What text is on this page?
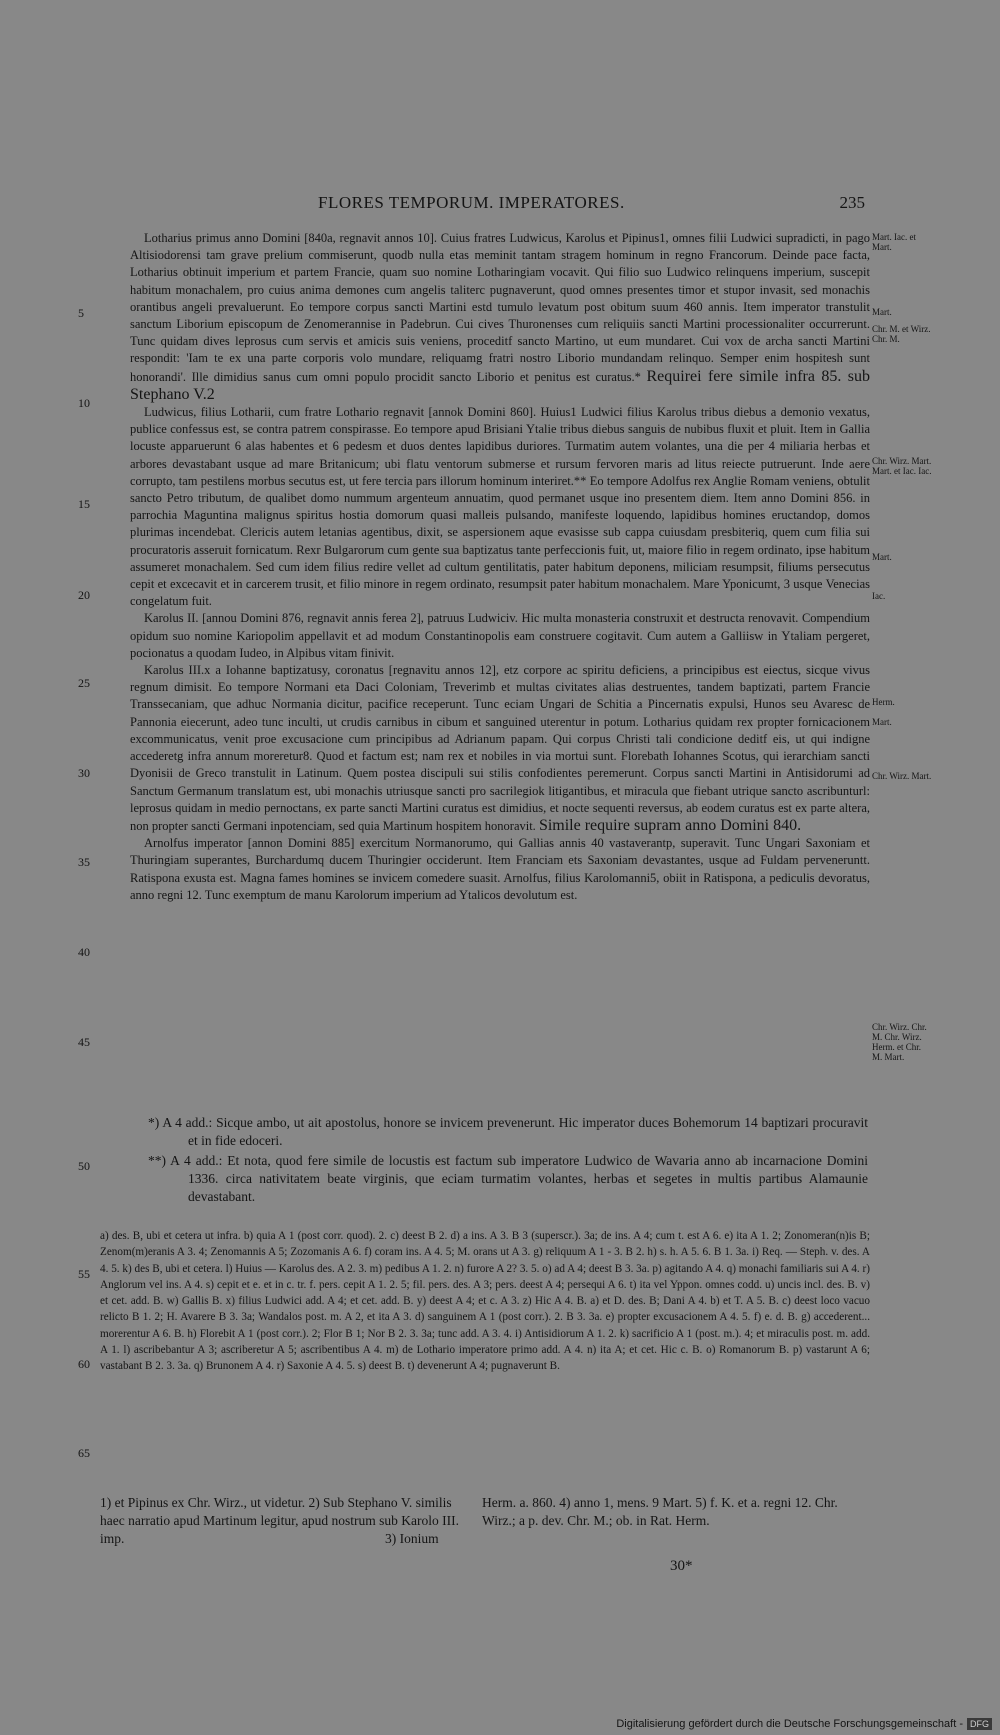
FLORES TEMPORUM. IMPERATORES.	235

Lotharius primus anno Domini [840a, regnavit annos 10]. Cuius fratres Ludwicus, Karolus et Pipinus1, omnes filii Ludwici supradicti, in pago Altisiodorensi tam grave prelium commiserunt, quodb nulla etas meminit tantam stragem hominum in regno Francorum. Deinde pace facta, Lotharius obtinuit imperium et partem Francie, quam suo nomine Lotharingiam vocavit. Qui filio suo Ludwico relinquens imperium, suscepit habitum monachalem, pro cuius anima demones cum angelis taliterc pugnaverunt, quod omnes presentes timor et stupor invasit, sed monachis orantibus angeli prevaluerunt. Eo tempore corpus sancti Martini estd tumulo levatum post obitum suum 460 annis. Item imperator transtulit sanctum Liborium episcopum de Zenomerannise in Padebrun. Cui cives Thuronenses cum reliquiis sancti Martini processionaliter occurrerunt. Tunc quidam dives leprosus cum servis et amicis suis veniens, proceditf sancto Martino, ut eum mundaret. Cui vox de archa sancti Martini respondit: 'Iam te ex una parte corporis volo mundare, reliquamg fratri nostro Liborio mundandam relinquo. Semper enim hospitesh sunt honorandi'. Ille dimidius sanus cum omni populo procidit sancto Liborio et penitus est curatus.* Requirei fere simile infra 85. sub Stephano V.2

Ludwicus, filius Lotharii, cum fratre Lothario regnavit [annok Domini 860]. Huius1 Ludwici filius Karolus tribus diebus a demonio vexatus, publice confessus est, se contra patrem conspirasse. Eo tempore apud Brisiani Ytalie tribus diebus sanguis de nubibus fluxit et pluit. Item in Gallia locuste apparuerunt 6 alas habentes et 6 pedesm et duos dentes lapidibus duriores. Turmatim autem volantes, una die per 4 miliaria herbas et arbores devastabant usque ad mare Britanicum; ubi flatu ventorum submerse et rursum fervoren maris ad litus reiecte putruerunt. Inde aere corrupto, tam pestilens morbus secutus est, ut fere tercia pars illorum hominum interiret.** Eo tempore Adolfus rex Anglie Romam veniens, obtulit sancto Petro tributum, de qualibet domo nummum argenteum annuatim, quod permanet usque ino presentem diem. Item anno Domini 856. in parrochia Maguntina malignus spiritus hostia domorum quasi malleis pulsando, manifeste loquendo, lapidibus homines eructandop, domos plurimas incendebat. Clericis autem letanias agentibus, dixit, se aspersionem aque evasisse sub cappa cuiusdam presbiteriq, quem cum filia sui procuratoris asseruit fornicatum. Rexr Bulgarorum cum gente sua baptizatus tante perfeccionis fuit, ut, maiore filio in regem ordinato, ipse habitum assumeret monachalem. Sed cum idem filius redire vellet ad cultum gentilitatis, pater habitum deponens, miliciam resumpsit, filiums persecutus cepit et excecavit et in carcerem trusit, et filio minore in regem ordinato, resumpsit pater habitum monachalem. Mare Yponicumt, 3 usque Venecias congelatum fuit.

Karolus II. [annou Domini 876, regnavit annis ferea 2], patruus Ludwiciv. Hic multa monasteria construxit et destructa renovavit. Compendium opidum suo nomine Kariopolim appellavit et ad modum Constantinopolis eam construere cogitavit. Cum autem a Galliisw in Ytaliam pergeret, pocionatus a quodam Iudeo, in Alpibus vitam finivit.

Karolus III.x a Iohanne baptizatusy, coronatus [regnavitu annos 12], etz corpore ac spiritu deficiens, a principibus est eiectus, sicque vivus regnum dimisit. Eo tempore Normani eta Daci Coloniam, Treverimb et multas civitates alias destruentes, tandem baptizati, partem Francie Transsecaniam, que adhuc Normania dicitur, pacifice receperunt. Tunc eciam Ungari de Schitia a Pincernatis expulsi, Hunos seu Avaresc de Pannonia eiecerunt, adeo tunc inculti, ut crudis carnibus in cibum et sanguined uterentur in potum. Lotharius quidam rex propter fornicacionem excommunicatus, venit proe excusacione cum principibus ad Adrianum papam. Qui corpus Christi tali condicione deditf eis, ut qui indigne accederetg infra annum moreretur8. Quod et factum est; nam rex et nobiles in via mortui sunt. Florebath Iohannes Scotus, qui ierarchiam sancti Dyonisii de Greco transtulit in Latinum. Quem postea discipuli sui stilis confodientes peremerunt. Corpus sancti Martini in Antisidorumi ad Sanctum Germanum translatum est, ubi monachis utriusque sancti pro sacrilegiok litigantibus, et miracula que fiebant utrique sancto ascribunturl: leprosus quidam in medio pernoctans, ex parte sancti Martini curatus est dimidius, et nocte sequenti reversus, ab eodem curatus est ex parte altera, non propter sancti Germani inpotenciam, sed quia Martinum hospitem honoravit. Simile require supram anno Domini 840.

Arnolfus imperator [annon Domini 885] exercitum Normanorumo, qui Gallias annis 40 vastaverantp, superavit. Tunc Ungari Saxoniam et Thuringiam superantes, Burchardumq ducem Thuringier occiderunt. Item Franciam ets Saxoniam devastantes, usque ad Fuldam perveneruntt. Ratispona exusta est. Magna fames homines se invicem comedere suasit. Arnolfus, filius Karolomanni5, obiit in Ratispona, a pediculis devoratus, anno regni 12. Tunc exemptum de manu Karolorum imperium ad Ytalicos devolutum est.

Mart. Iac. et Mart.
Mart.
Chr. M. et Wirz. Chr. M.
Chr. Wirz. Mart. Mart. et Iac. Iac.
Mart.
Iac.
Herm.
Mart.
Chr. Wirz. Mart.
Chr. Wirz. Chr. M. Chr. Wirz. Herm. et Chr. M. Mart.
5
10
15
20
25
30
35
40
45
50
55
60
65

*) A 4 add.: Sicque ambo, ut ait apostolus, honore se invicem prevenerunt. Hic imperator duces Bohemorum 14 baptizari procuravit et in fide edoceri.

**) A 4 add.: Et nota, quod fere simile de locustis est factum sub imperatore Ludwico de Wavaria anno ab incarnacione Domini 1336. circa nativitatem beate virginis, que eciam turmatim volantes, herbas et segetes in multis partibus Alamaunie devastabant.

a) des. B, ubi et cetera ut infra. b) quia A 1 (post corr. quod). 2. c) deest B 2. d) a ins. A 3. B 3 (superscr.). 3a; de ins. A 4; cum t. est A 6. e) ita A 1. 2; Zonomeran(n)is B; Zenom(m)eranis A 3. 4; Zenomannis A 5; Zozomanis A 6. f) coram ins. A 4. 5; M. orans ut A 3. g) reliquum A 1 - 3. B 2. h) s. h. A 5. 6. B 1. 3a. i) Req. — Steph. v. des. A 4. 5. k) des B, ubi et cetera. l) Huius — Karolus des. A 2. 3. m) pedibus A 1. 2. n) furore A 2? 3. 5. o) ad A 4; deest B 3. 3a. p) agitando A 4. q) monachi familiaris sui A 4. r) Anglorum vel ins. A 4. s) cepit et e. et in c. tr. f. pers. cepit A 1. 2. 5; fil. pers. des. A 3; pers. deest A 4; persequi A 6. t) ita vel Yppon. omnes codd. u) uncis incl. des. B. v) et cet. add. B. w) Gallis B. x) filius Ludwici add. A 4; et cet. add. B. y) deest A 4; et c. A 3. z) Hic A 4. B. a) et D. des. B; Dani A 4. b) et T. A 5. B. c) deest loco vacuo relicto B 1. 2; H. Avarere B 3. 3a; Wandalos post. m. A 2, et ita A 3. d) sanguinem A 1 (post corr.). 2. B 3. 3a. e) propter excusacionem A 4. 5. f) e. d. B. g) accederent... morerentur A 6. B. h) Florebit A 1 (post corr.). 2; Flor B 1; Nor B 2. 3. 3a; tunc add. A 3. 4. i) Antisidiorum A 1. 2. k) sacrificio A 1 (post. m.). 4; et miraculis post. m. add. A 1. l) ascribebantur A 3; ascriberetur A 5; ascribentibus A 4. m) de Lothario imperatore primo add. A 4. n) ita A; et cet. Hic c. B. o) Romanorum B. p) vastarunt A 6; vastabant B 2. 3. 3a. q) Brunonem A 4. r) Saxonie A 4. 5. s) deest B. t) devenerunt A 4; pugnaverunt B.

1) et Pipinus ex Chr. Wirz., ut videtur. 2) Sub Stephano V. similis haec narratio apud Martinum legitur, apud nostrum sub Karolo III. imp.
Herm. a. 860. 4) anno 1, mens. 9 Mart. 5) f. K. et a. regni 12. Chr. Wirz.; a p. dev. Chr. M.; ob. in Rat. Herm.
3) Ionium
30*
Digitalisierung gefördert durch die Deutsche Forschungsgemeinschaft - DFG
